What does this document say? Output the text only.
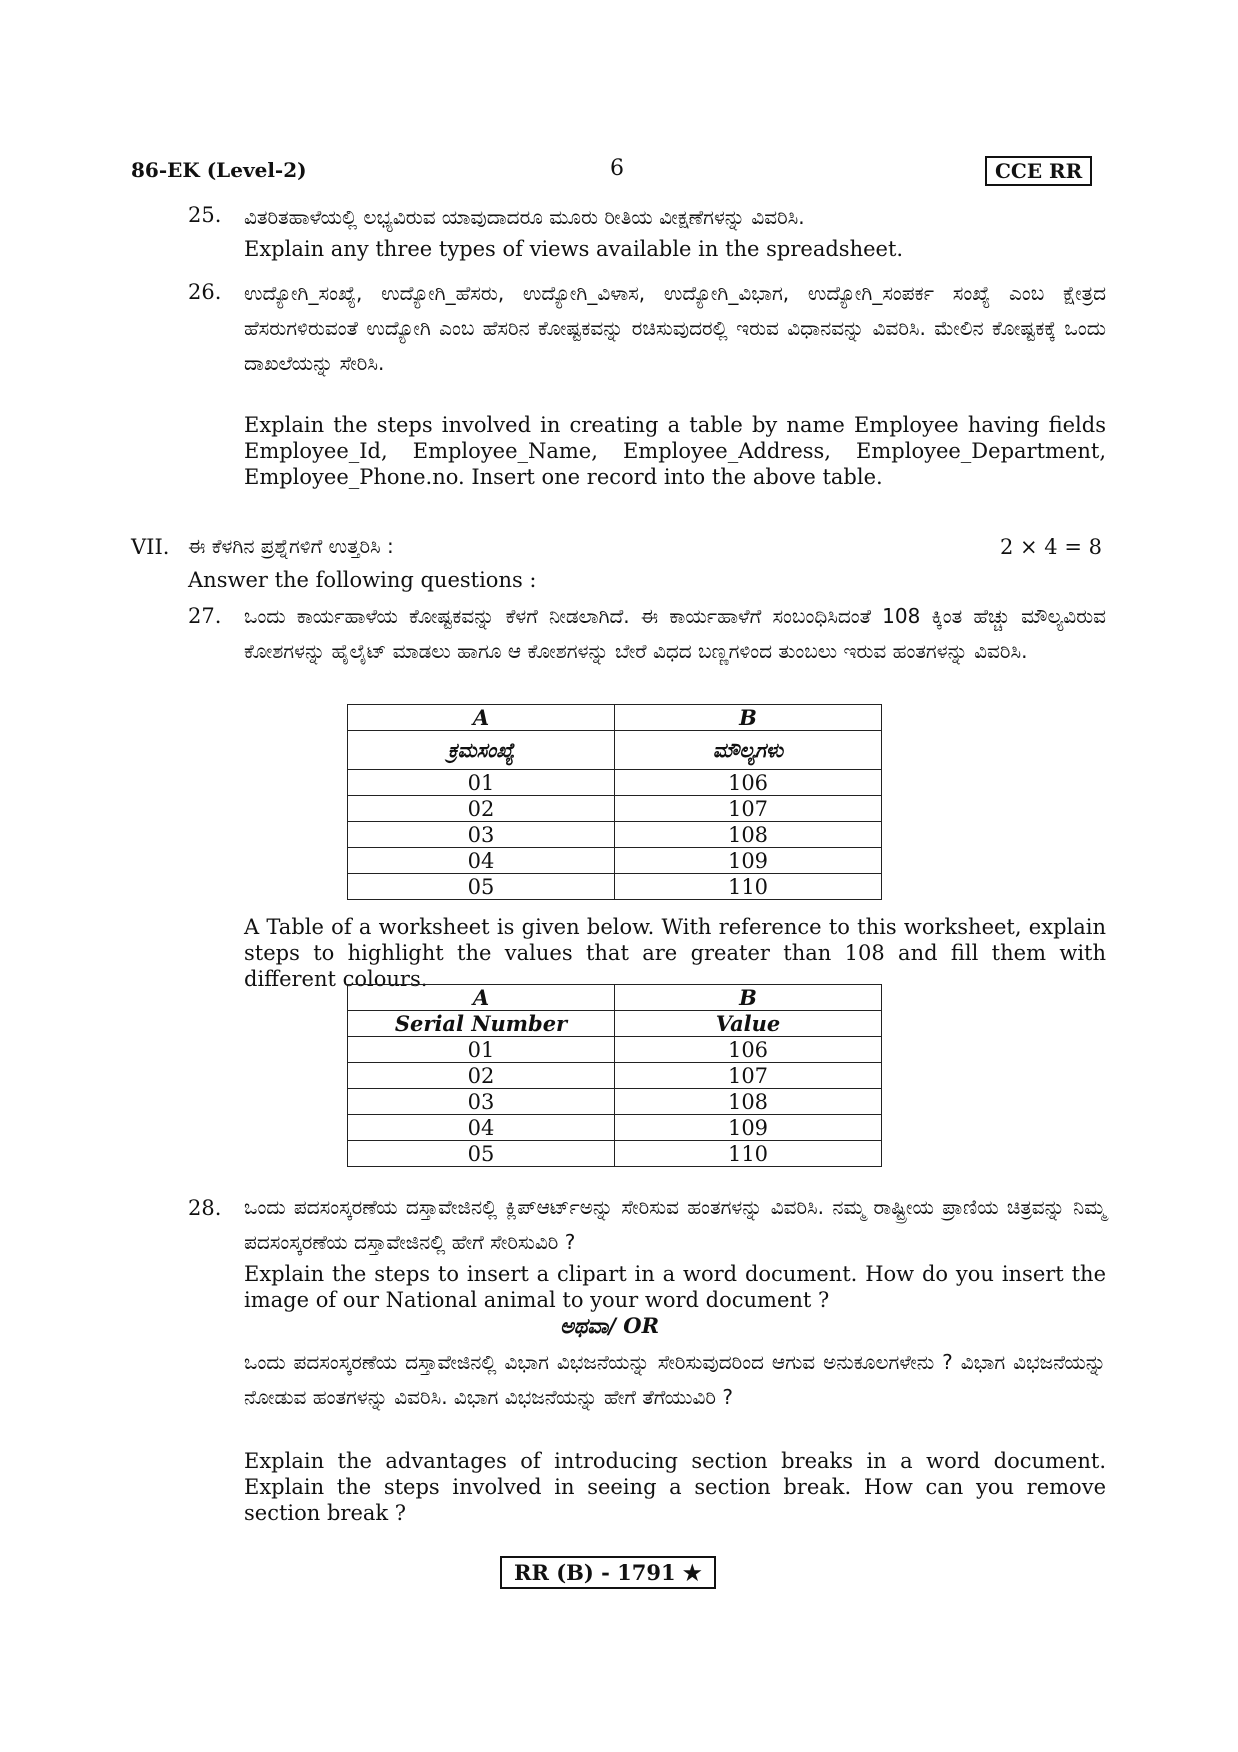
86-EK (Level-2)	6	CCE RR
25. ವಿತರಿತಹಾಳೆಯಲ್ಲಿ ಲಭ್ಯವಿರುವ ಯಾವುದಾದರೂ ಮೂರು ರೀತಿಯ ವೀಕ್ಷಣೆಗಳನ್ನು ವಿವರಿಸಿ.
Explain any three types of views available in the spreadsheet.
26. ಉದ್ಯೋಗಿ_ಸಂಖ್ಯೆ, ಉದ್ಯೋಗಿ_ಹೆಸರು, ಉದ್ಯೋಗಿ_ವಿಳಾಸ, ಉದ್ಯೋಗಿ_ವಿಭಾಗ, ಉದ್ಯೋಗಿ_ಸಂಪರ್ಕ ಸಂಖ್ಯೆ ಎಂಬ ಕ್ಷೇತ್ರದ ಹೆಸರುಗಳಿರುವಂತೆ ಉದ್ಯೋಗಿ ಎಂಬ ಹೆಸರಿನ ಕೋಷ್ಟಕವನ್ನು ರಚಿಸುವುದರಲ್ಲಿ ಇರುವ ವಿಧಾನವನ್ನು ವಿವರಿಸಿ. ಮೇಲಿನ ಕೋಷ್ಟಕಕ್ಕೆ ಒಂದು ದಾಖಲೆಯನ್ನು ಸೇರಿಸಿ.
Explain the steps involved in creating a table by name Employee having fields Employee_Id, Employee_Name, Employee_Address, Employee_Department, Employee_Phone.no. Insert one record into the above table.
VII. ಈ ಕೆಳಗಿನ ಪ್ರಶ್ನೆಗಳಿಗೆ ಉತ್ತರಿಸಿ :	2 × 4 = 8
Answer the following questions :
27. ಒಂದು ಕಾರ್ಯಹಾಳೆಯ ಕೋಷ್ಟಕವನ್ನು ಕೆಳಗೆ ನೀಡಲಾಗಿದೆ. ಈ ಕಾರ್ಯಹಾಳೆಗೆ ಸಂಬಂಧಿಸಿದಂತೆ 108 ಕ್ಕಿಂತ ಹೆಚ್ಚು ಮೌಲ್ಯವಿರುವ ಕೋಶಗಳನ್ನು ಹೈಲೈಟ್ ಮಾಡಲು ಹಾಗೂ ಆ ಕೋಶಗಳನ್ನು ಬೇರೆ ವಿಧದ ಬಣ್ಣಗಳಿಂದ ತುಂಬಲು ಇರುವ ಹಂತಗಳನ್ನು ವಿವರಿಸಿ.
A	B
ಕ್ರಮಸಂಖ್ಯೆ	ಮೌಲ್ಯಗಳು
01	106
02	107
03	108
04	109
05	110
A Table of a worksheet is given below. With reference to this worksheet, explain steps to highlight the values that are greater than 108 and fill them with different colours.
A	B
Serial Number	Value
01	106
02	107
03	108
04	109
05	110
28. ಒಂದು ಪದಸಂಸ್ಕರಣೆಯ ದಸ್ತಾವೇಜಿನಲ್ಲಿ ಕ್ಲಿಪ್‌ಆರ್ಟ್‌ಅನ್ನು ಸೇರಿಸುವ ಹಂತಗಳನ್ನು ವಿವರಿಸಿ. ನಮ್ಮ ರಾಷ್ಟ್ರೀಯ ಪ್ರಾಣಿಯ ಚಿತ್ರವನ್ನು ನಿಮ್ಮ ಪದಸಂಸ್ಕರಣೆಯ ದಸ್ತಾವೇಜಿನಲ್ಲಿ ಹೇಗೆ ಸೇರಿಸುವಿರಿ ?
Explain the steps to insert a clipart in a word document. How do you insert the image of our National animal to your word document ?
ಅಥವಾ/ OR
ಒಂದು ಪದಸಂಸ್ಕರಣೆಯ ದಸ್ತಾವೇಜಿನಲ್ಲಿ ವಿಭಾಗ ವಿಭಜನೆಯನ್ನು ಸೇರಿಸುವುದರಿಂದ ಆಗುವ ಅನುಕೂಲಗಳೇನು ? ವಿಭಾಗ ವಿಭಜನೆಯನ್ನು ನೋಡುವ ಹಂತಗಳನ್ನು ವಿವರಿಸಿ. ವಿಭಾಗ ವಿಭಜನೆಯನ್ನು ಹೇಗೆ ತೆಗೆಯುವಿರಿ ?
Explain the advantages of introducing section breaks in a word document. Explain the steps involved in seeing a section break. How can you remove section break ?
RR (B) - 1791 ★
